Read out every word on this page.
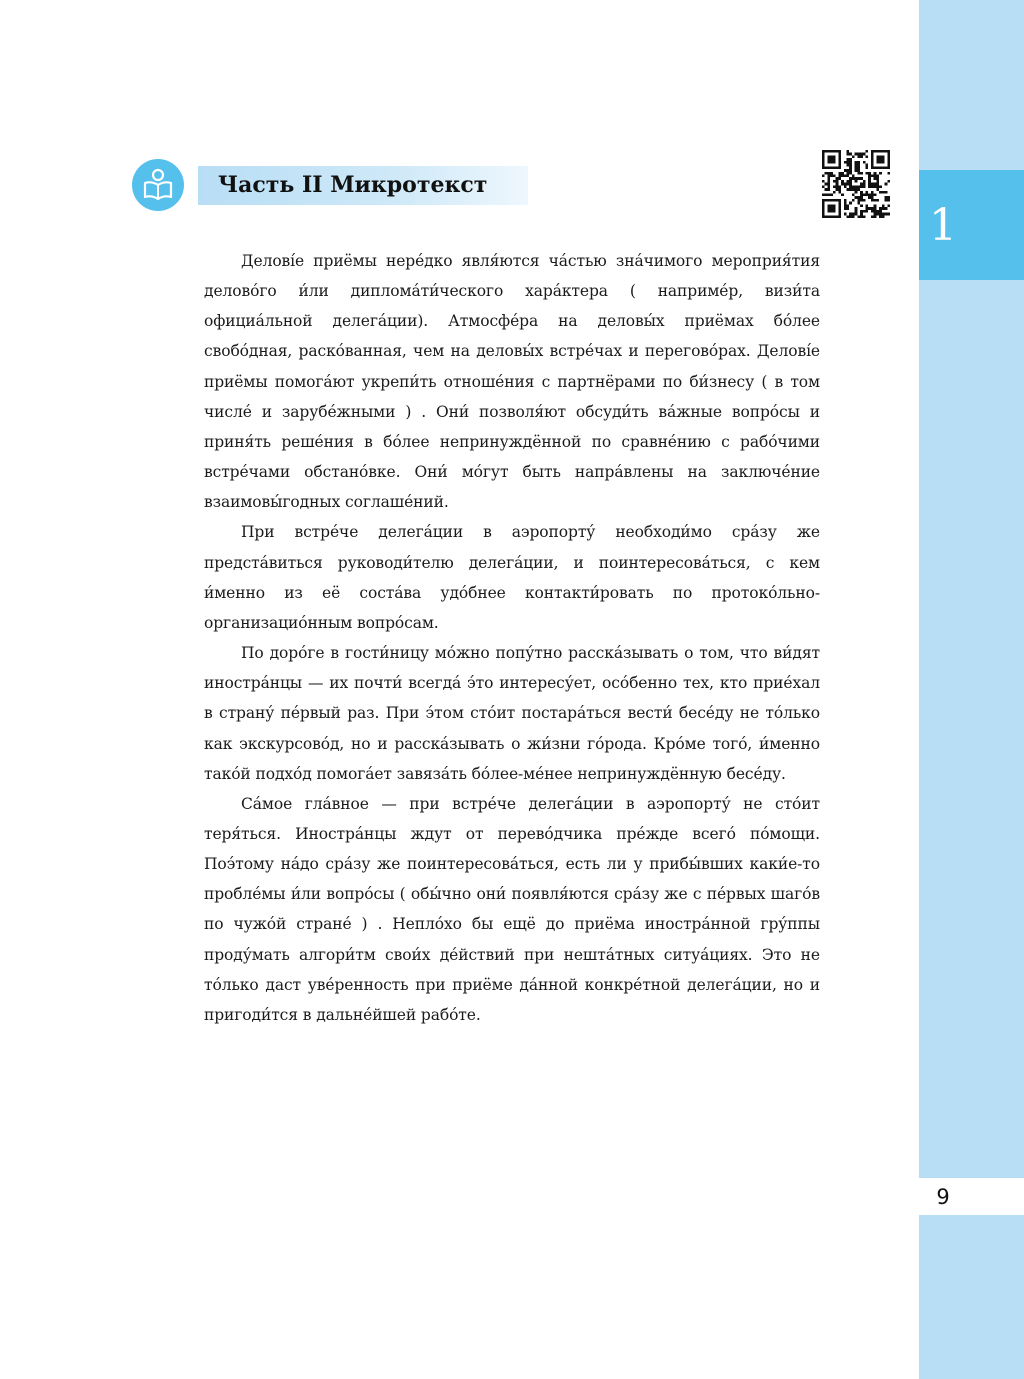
1
9
Часть II Микротекст

Делові́е приёмы нере́дко явля́ются ча́стью зна́чимого мероприя́тия делово́го и́ли диплома́ти́ческого хара́ктера ( наприме́р, визи́та официа́льной делега́ции). Атмосфе́ра на деловы́х приёмах бо́лее свобо́дная, раско́ванная, чем на деловы́х встре́чах и перегово́рах. Делові́е приёмы помога́ют укрепи́ть отноше́ния с партнёрами по би́знесу ( в том числе́ и зарубе́жными ) . Они́ позволя́ют обсуди́ть ва́жные вопро́сы и приня́ть реше́ния в бо́лее непринуждённой по сравне́нию с рабо́чими встре́чами обстано́вке. Они́ мо́гут быть напра́влены на заключе́ние взаимовы́годных соглаше́ний.

При встре́че делега́ции в аэропорту́ необходи́мо сра́зу же предста́виться руководи́телю делега́ции, и поинтересова́ться, с кем и́менно из её соста́ва удо́бнее контакти́ровать по протоко́льно-организацио́нным вопро́сам.

По доро́ге в гости́ницу мо́жно попу́тно расска́зывать о том, что ви́дят иностра́нцы — их почти́ всегда́ э́то интересу́ет, осо́бенно тех, кто прие́хал в страну́ пе́рвый раз. При э́том сто́ит постара́ться вести́ бесе́ду не то́лько как экскурсово́д, но и расска́зывать о жи́зни го́рода. Кро́ме того́, и́менно тако́й подхо́д помога́ет завяза́ть бо́лее-ме́нее непринуждённую бесе́ду.

Са́мое гла́вное — при встре́че делега́ции в аэропорту́ не сто́ит теря́ться. Иностра́нцы ждут от перево́дчика пре́жде всего́ по́мощи. Поэ́тому на́до сра́зу же поинтересова́ться, есть ли у прибы́вших каки́е-то пробле́мы и́ли вопро́сы ( обы́чно они́ появля́ются сра́зу же с пе́рвых шаго́в по чужо́й стране́ ) . Непло́хо бы ещё до приёма иностра́нной гру́ппы проду́мать алгори́тм свои́х де́йствий при нешта́тных ситуа́циях. Это не то́лько даст уве́ренность при приёме да́нной конкре́тной делега́ции, но и пригоди́тся в дальне́йшей рабо́те.
